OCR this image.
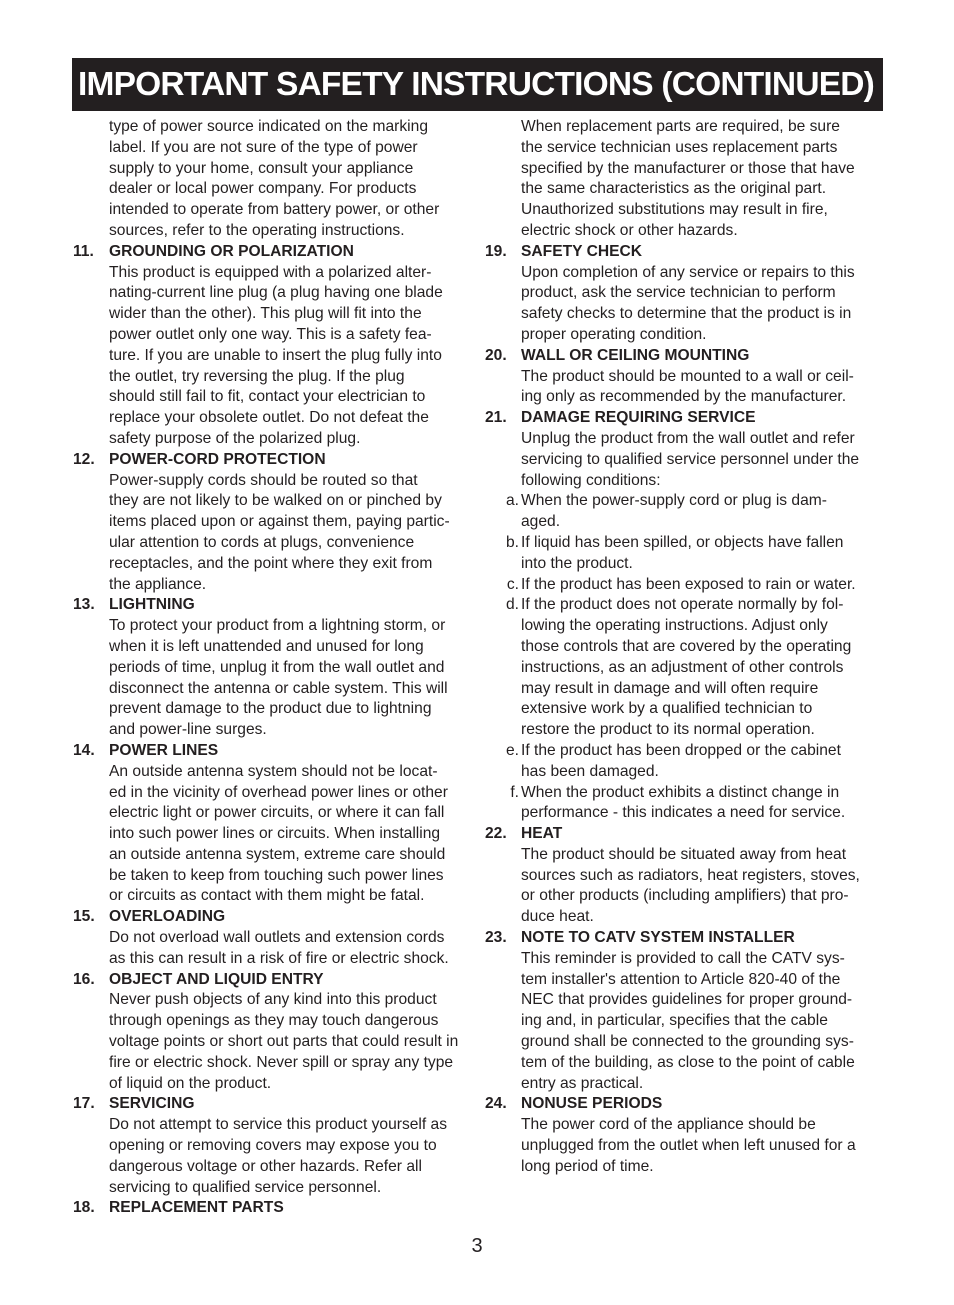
IMPORTANT SAFETY INSTRUCTIONS (CONTINUED)
type of power source indicated on the marking
label. If you are not sure of the type of power
supply to your home, consult your appliance
dealer or local power company. For products
intended to operate from battery power, or other
sources, refer to the operating instructions.
11. GROUNDING OR POLARIZATION
This product is equipped with a polarized alter-
nating-current line plug (a plug having one blade
wider than the other). This plug will fit into the
power outlet only one way. This is a safety fea-
ture. If you are unable to insert the plug fully into
the outlet, try reversing the plug. If the plug
should still fail to fit, contact your electrician to
replace your obsolete outlet. Do not defeat the
safety purpose of the polarized plug.
12. POWER-CORD PROTECTION
Power-supply cords should be routed so that
they are not likely to be walked on or pinched by
items placed upon or against them, paying partic-
ular attention to cords at plugs, convenience
receptacles, and the point where they exit from
the appliance.
13. LIGHTNING
To protect your product from a lightning storm, or
when it is left unattended and unused for long
periods of time, unplug it from the wall outlet and
disconnect the antenna or cable system. This will
prevent damage to the product due to lightning
and power-line surges.
14. POWER LINES
An outside antenna system should not be locat-
ed in the vicinity of overhead power lines or other
electric light or power circuits, or where it can fall
into such power lines or circuits. When installing
an outside antenna system, extreme care should
be taken to keep from touching such power lines
or circuits as contact with them might be fatal.
15. OVERLOADING
Do not overload wall outlets and extension cords
as this can result in a risk of fire or electric shock.
16. OBJECT AND LIQUID ENTRY
Never push objects of any kind into this product
through openings as they may touch dangerous
voltage points or short out parts that could result in
fire or electric shock. Never spill or spray any type
of liquid on the product.
17. SERVICING
Do not attempt to service this product yourself as
opening or removing covers may expose you to
dangerous voltage or other hazards. Refer all
servicing to qualified service personnel.
18. REPLACEMENT PARTS
When replacement parts are required, be sure
the service technician uses replacement parts
specified by the manufacturer or those that have
the same characteristics as the original part.
Unauthorized substitutions may result in fire,
electric shock or other hazards.
19. SAFETY CHECK
Upon completion of any service or repairs to this
product, ask the service technician to perform
safety checks to determine that the product is in
proper operating condition.
20. WALL OR CEILING MOUNTING
The product should be mounted to a wall or ceil-
ing only as recommended by the manufacturer.
21. DAMAGE REQUIRING SERVICE
Unplug the product from the wall outlet and refer
servicing to qualified service personnel under the
following conditions:
a. When the power-supply cord or plug is dam-
aged.
b. If liquid has been spilled, or objects have fallen
into the product.
c. If the product has been exposed to rain or water.
d. If the product does not operate normally by fol-
lowing the operating instructions. Adjust only
those controls that are covered by the operating
instructions, as an adjustment of other controls
may result in damage and will often require
extensive work by a qualified technician to
restore the product to its normal operation.
e. If the product has been dropped or the cabinet
has been damaged.
f. When the product exhibits a distinct change in
performance - this indicates a need for service.
22. HEAT
The product should be situated away from heat
sources such as radiators, heat registers, stoves,
or other products (including amplifiers) that pro-
duce heat.
23. NOTE TO CATV SYSTEM INSTALLER
This reminder is provided to call the CATV sys-
tem installer's attention to Article 820-40 of the
NEC that provides guidelines for proper ground-
ing and, in particular, specifies that the cable
ground shall be connected to the grounding sys-
tem of the building, as close to the point of cable
entry as practical.
24. NONUSE PERIODS
The power cord of the appliance should be
unplugged from the outlet when left unused for a
long period of time.
3
